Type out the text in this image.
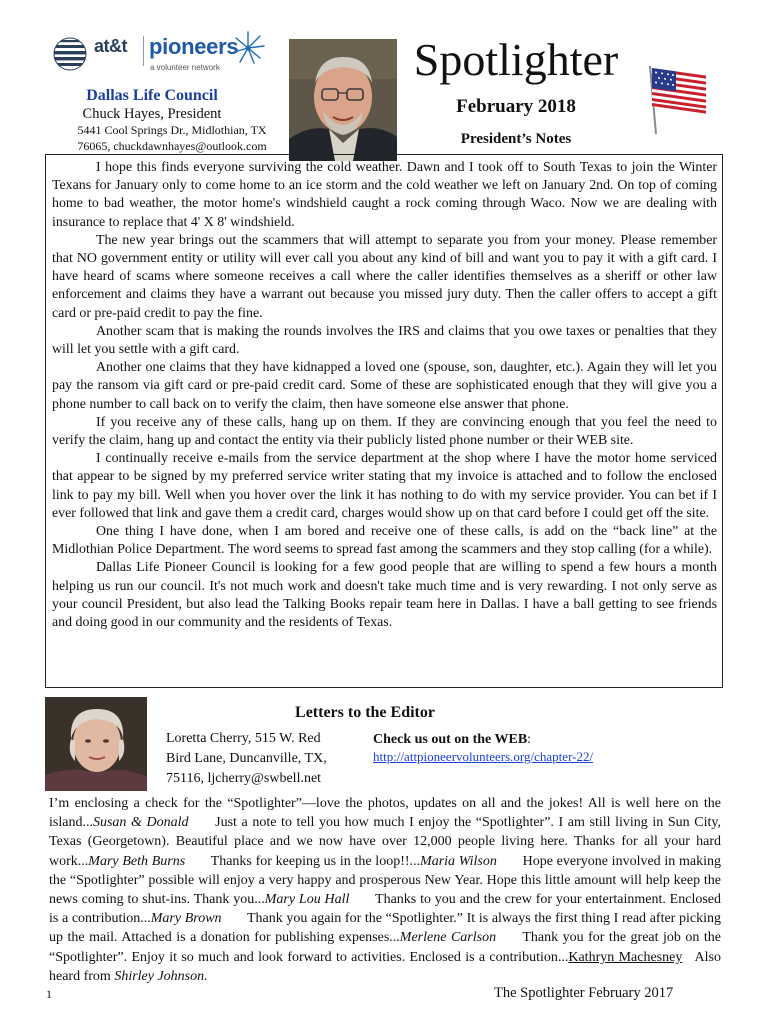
at&t pioneers
a volunteer network
Dallas Life Council
Chuck Hayes, President
5441 Cool Springs Dr., Midlothian, TX
76065, chuckdawnhayes@outlook.com
Spotlighter
February 2018
President’s Notes

I hope this finds everyone surviving the cold weather. Dawn and I took off to South Texas to join the Winter Texans for January only to come home to an ice storm and the cold weather we left on January 2nd. On top of coming home to bad weather, the motor home's windshield caught a rock coming through Waco. Now we are dealing with insurance to replace that 4' X 8' windshield.

The new year brings out the scammers that will attempt to separate you from your money. Please remember that NO government entity or utility will ever call you about any kind of bill and want you to pay it with a gift card. I have heard of scams where someone receives a call where the caller identifies themselves as a sheriff or other law enforcement and claims they have a warrant out because you missed jury duty. Then the caller offers to accept a gift card or pre-paid credit to pay the fine.

Another scam that is making the rounds involves the IRS and claims that you owe taxes or penalties that they will let you settle with a gift card.

Another one claims that they have kidnapped a loved one (spouse, son, daughter, etc.). Again they will let you pay the ransom via gift card or pre-paid credit card. Some of these are sophisticated enough that they will give you a phone number to call back on to verify the claim, then have someone else answer that phone.

If you receive any of these calls, hang up on them. If they are convincing enough that you feel the need to verify the claim, hang up and contact the entity via their publicly listed phone number or their WEB site.

I continually receive e-mails from the service department at the shop where I have the motor home serviced that appear to be signed by my preferred service writer stating that my invoice is attached and to follow the enclosed link to pay my bill. Well when you hover over the link it has nothing to do with my service provider. You can bet if I ever followed that link and gave them a credit card, charges would show up on that card before I could get off the site.

One thing I have done, when I am bored and receive one of these calls, is add on the “back line” at the Midlothian Police Department. The word seems to spread fast among the scammers and they stop calling (for a while).

Dallas Life Pioneer Council is looking for a few good people that are willing to spend a few hours a month helping us run our council. It's not much work and doesn't take much time and is very rewarding. I not only serve as your council President, but also lead the Talking Books repair team here in Dallas. I have a ball getting to see friends and doing good in our community and the residents of Texas.

Letters to the Editor
Loretta Cherry, 515 W. Red
Bird Lane, Duncanville, TX,
75116, ljcherry@swbell.net
Check us out on the WEB:
http://attpioneervolunteers.org/chapter-22/
I’m enclosing a check for the “Spotlighter”—love the photos, updates on all and the jokes! All is well here on the island...Susan & Donald Just a note to tell you how much I enjoy the “Spotlighter”. I am still living in Sun City, Texas (Georgetown). Beautiful place and we now have over 12,000 people living here. Thanks for all your hard work...Mary Beth Burns Thanks for keeping us in the loop!!...Maria Wilson Hope everyone involved in making the “Spotlighter” possible will enjoy a very happy and prosperous New Year. Hope this little amount will help keep the news coming to shut-ins. Thank you...Mary Lou Hall Thanks to you and the crew for your entertainment. Enclosed is a contribution...Mary Brown Thank you again for the “Spotlighter.” It is always the first thing I read after picking up the mail. Attached is a donation for publishing expenses...Merlene Carlson Thank you for the great job on the “Spotlighter”. Enjoy it so much and look forward to activities. Enclosed is a contribution...Kathryn Machesney Also heard from Shirley Johnson.
1	The Spotlighter February 2017
